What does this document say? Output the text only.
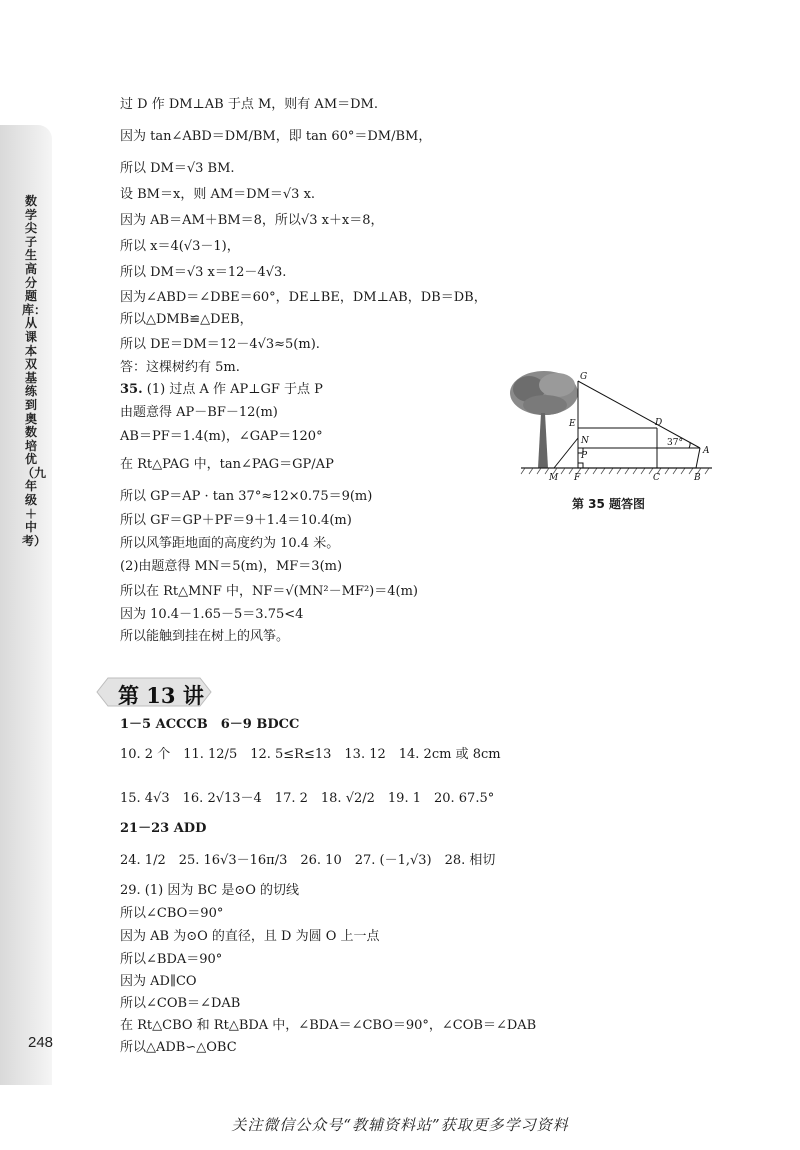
数学尖子生高分题库：从课本双基练到奥数培优（九年级＋中考）
248
过 D 作 DM⊥AB 于点 M，则有 AM＝DM.
因为 tan∠ABD＝DM/BM，即 tan 60°＝DM/BM，
所以 DM＝√3 BM.
设 BM＝x，则 AM＝DM＝√3 x.
因为 AB＝AM＋BM＝8，所以√3 x＋x＝8，
所以 x＝4(√3－1)，
所以 DM＝√3 x＝12－4√3.
因为∠ABD＝∠DBE＝60°，DE⊥BE，DM⊥AB，DB＝DB，
所以△DMB≌△DEB，
所以 DE＝DM＝12－4√3≈5(m).
答：这棵树约有 5m.
35. (1) 过点 A 作 AP⊥GF 于点 P
由题意得 AP－BF－12(m)
AB＝PF＝1.4(m)，∠GAP＝120°
在 Rt△PAG 中，tan∠PAG＝GP/AP
所以 GP＝AP · tan 37°≈12×0.75＝9(m)
所以 GF＝GP＋PF＝9＋1.4＝10.4(m)
所以风筝距地面的高度约为 10.4 米。
(2)由题意得 MN＝5(m)，MF＝3(m)
所以在 Rt△MNF 中，NF＝√(MN²－MF²)＝4(m)
因为 10.4－1.65－5＝3.75<4
所以能触到挂在树上的风筝。
G
D
E
N
P	A
M F	C	B
37°
第 35 题答图
第 13 讲
1－5 ACCCB　6－9 BDCC
10. 2 个　11. 12/5　12. 5≤R≤13　13. 12　14. 2cm 或 8cm
15. 4√3　16. 2√13－4　17. 2　18. √2/2　19. 1　20. 67.5°
21－23 ADD
24. 1/2　25. 16√3－16π/3　26. 10　27. (－1,√3)　28. 相切
29. (1) 因为 BC 是⊙O 的切线
所以∠CBO＝90°
因为 AB 为⊙O 的直径，且 D 为圆 O 上一点
所以∠BDA＝90°
因为 AD∥CO
所以∠COB＝∠DAB
在 Rt△CBO 和 Rt△BDA 中，∠BDA＝∠CBO＝90°，∠COB＝∠DAB
所以△ADB∽△OBC
关注微信公众号“教辅资料站”获取更多学习资料
